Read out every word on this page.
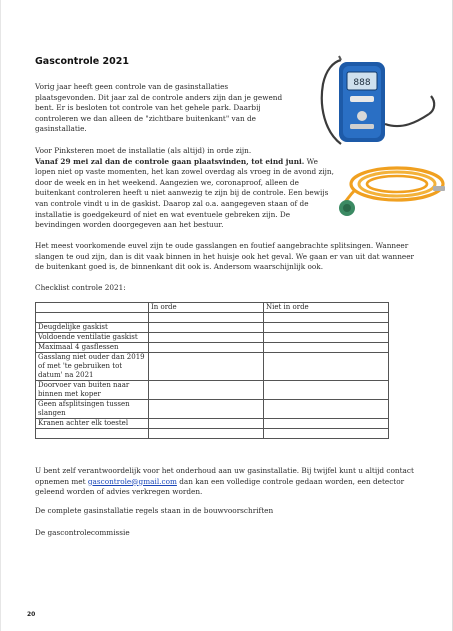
Gascontrole 2021

Vorig jaar heeft geen controle van de gasinstallaties plaatsgevonden. Dit jaar zal de controle anders zijn dan je gewend bent. Er is besloten tot controle van het gehele park. Daarbij controleren we dan alleen de "zichtbare buitenkant" van de gasinstallatie.

Voor Pinksteren moet de installatie (als altijd) in orde zijn.
Vanaf 29 mei zal dan de controle gaan plaatsvinden, tot eind juni. We lopen niet op vaste momenten, het kan zowel overdag als vroeg in de avond zijn, door de week en in het weekend. Aangezien we, coronaproof, alleen de buitenkant controleren heeft u niet aanwezig te zijn bij de controle. Een bewijs van controle vindt u in de gaskist. Daarop zal o.a. aangegeven staan of de installatie is goedgekeurd of niet en wat eventuele gebreken zijn. De bevindingen worden doorgegeven aan het bestuur.

Het meest voorkomende euvel zijn te oude gasslangen en foutief aangebrachte splitsingen. Wanneer slangen te oud zijn, dan is dit vaak binnen in het huisje ook het geval. We gaan er van uit dat wanneer de buitenkant goed is, de binnenkant dit ook is. Andersom waarschijnlijk ook.

Checklist controle 2021:

	In orde	Niet in orde

Deugdelijke gaskist		
Voldoende ventilatie gaskist		
Maximaal 4 gasflessen		
Gasslang niet ouder dan 2019 of met 'te gebruiken tot datum' na 2021		
Doorvoer van buiten naar binnen met koper		
Geen afsplitsingen tussen slangen		
Kranen achter elk toestel		

U bent zelf verantwoordelijk voor het onderhoud aan uw gasinstallatie. Bij twijfel kunt u altijd contact opnemen met gascontrole@gmail.com dan kan een volledige controle gedaan worden, een detector geleend worden of advies verkregen worden.

De complete gasinstallatie regels staan in de bouwvoorschriften

De gascontrolecommissie

20
888
